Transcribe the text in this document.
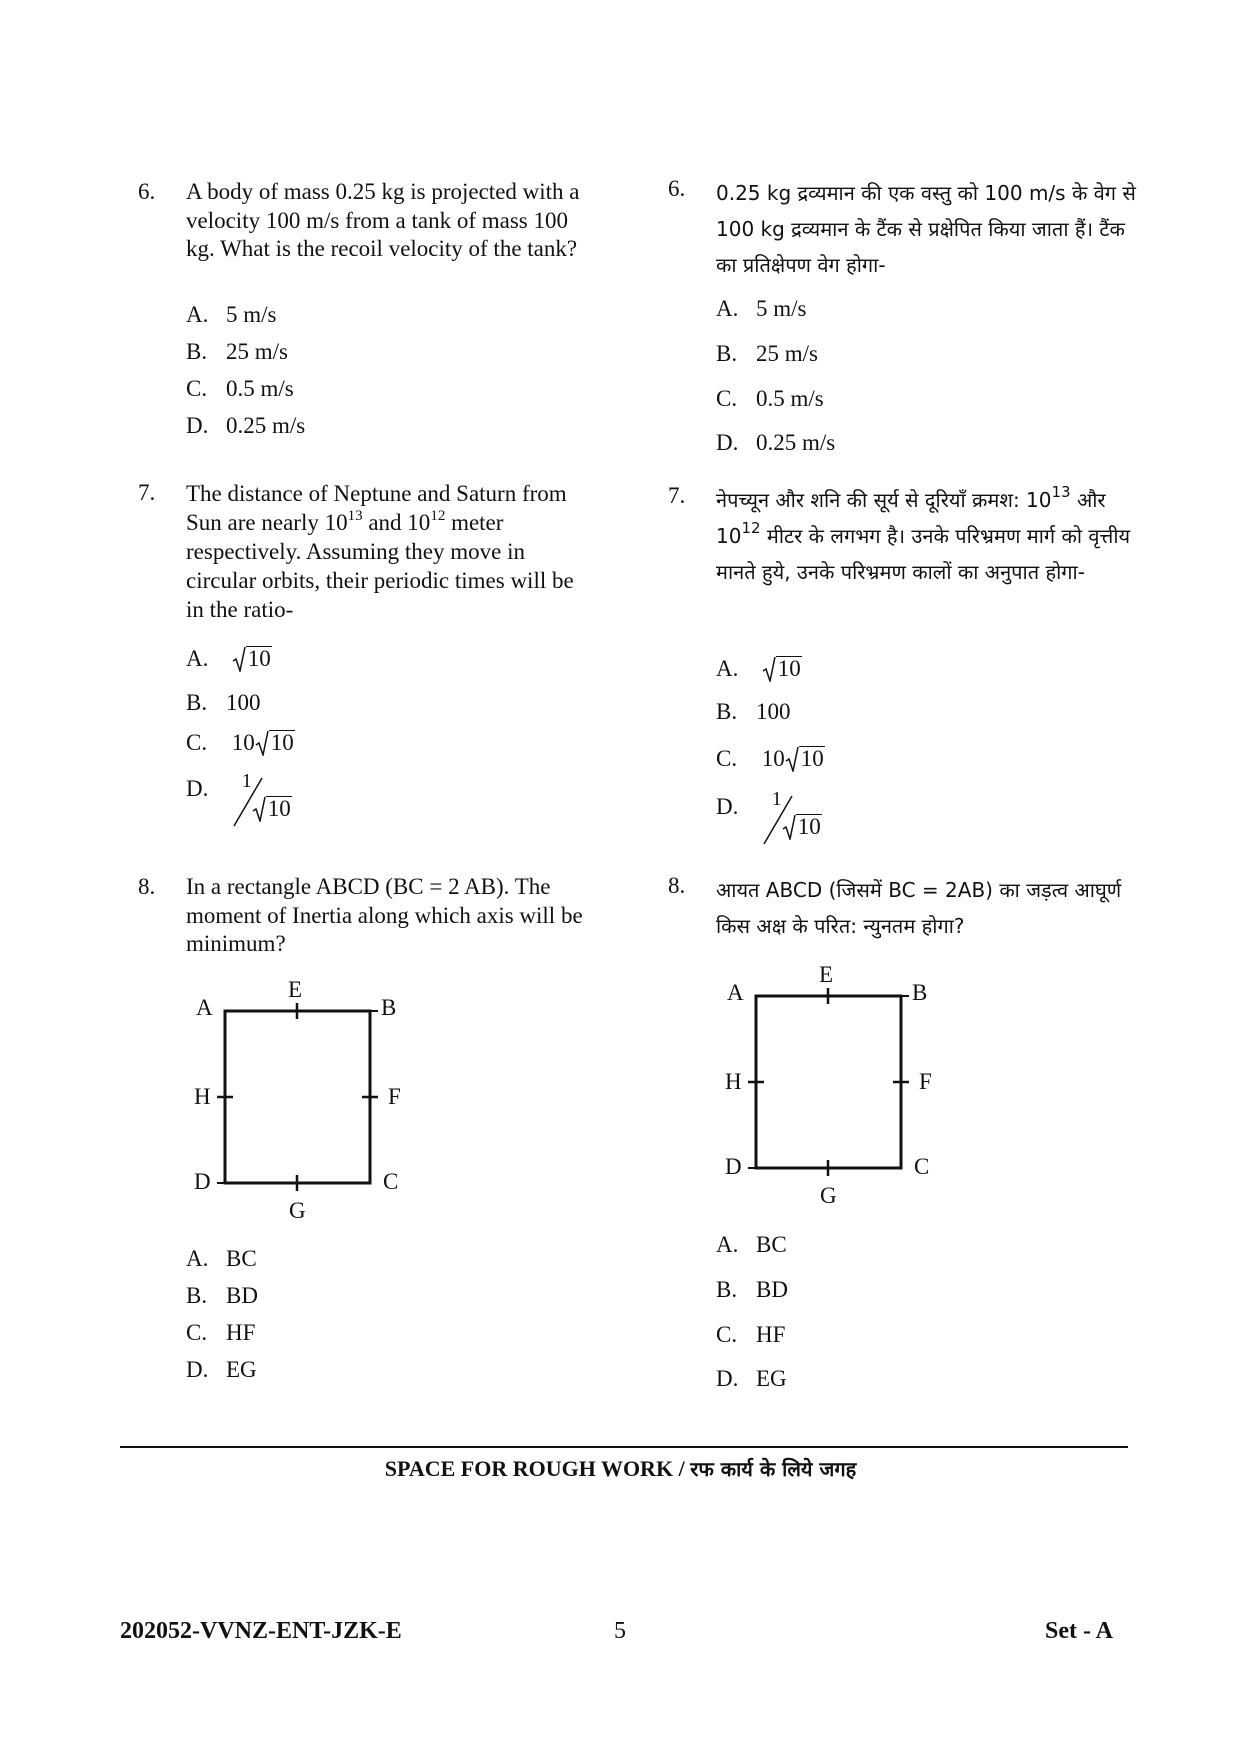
6. A body of mass 0.25 kg is projected with a velocity 100 m/s from a tank of mass 100 kg. What is the recoil velocity of the tank?
A. 5 m/s
B. 25 m/s
C. 0.5 m/s
D. 0.25 m/s
7. The distance of Neptune and Saturn from Sun are nearly $10^{13}$ and $10^{12}$ meter respectively. Assuming they move in circular orbits, their periodic times will be in the ratio-
A. 10
B. 100
C. 10 10
D. 1
10
8. In a rectangle ABCD (BC = 2 AB). The moment of Inertia along which axis will be minimum?
A	B
C
D
E
F
G
H
A. BC
B. BD
C. HF
D. EG
6. 0.25 kg द्रव्यमान की एक वस्तु को 100 m/s के वेग से 100 kg द्रव्यमान के टैंक से प्रक्षेपित किया जाता हैं। टैंक का प्रतिक्षेपण वेग होगा-
A. 5 m/s
B. 25 m/s
C. 0.5 m/s
D. 0.25 m/s
7. नेपच्यून और शनि की सूर्य से दूरियाँ क्रमश: $10^{13}$ और $10^{12}$ मीटर के लगभग है। उनके परिभ्रमण मार्ग को वृत्तीय मानते हुये, उनके परिभ्रमण कालों का अनुपात होगा-
A. 10
B. 100
C. 10 10
D. 1
10
8. आयत ABCD (जिसमें BC = 2AB) का जड़त्व आघूर्ण किस अक्ष के परित: न्युनतम होगा?
A	B
C
D
E
F
G
H
A. BC
B. BD
C. HF
D. EG
SPACE FOR ROUGH WORK / रफ कार्य के लिये जगह
202052-VVNZ-ENT-JZK-E	5	Set - A
